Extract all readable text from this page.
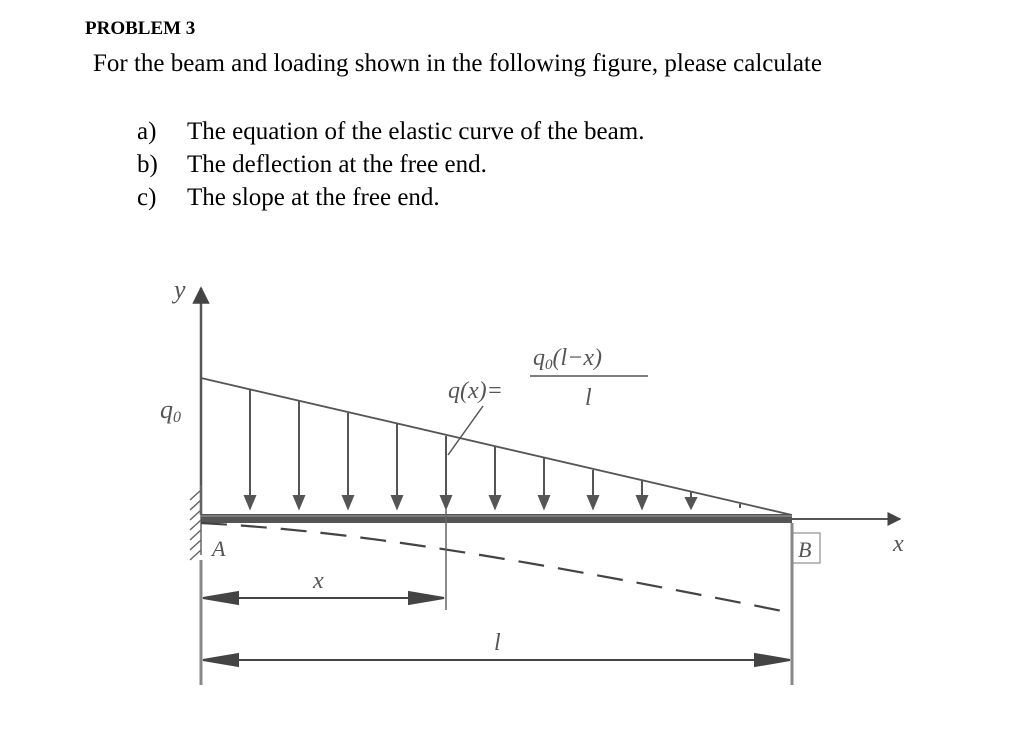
PROBLEM 3
For the beam and loading shown in the following figure, please calculate
a)	The equation of the elastic curve of the beam.
b)	The deflection at the free end.
c)	The slope at the free end.
y
x
q0
q(x)=
q0(l−x)
l
A	B
x
l
